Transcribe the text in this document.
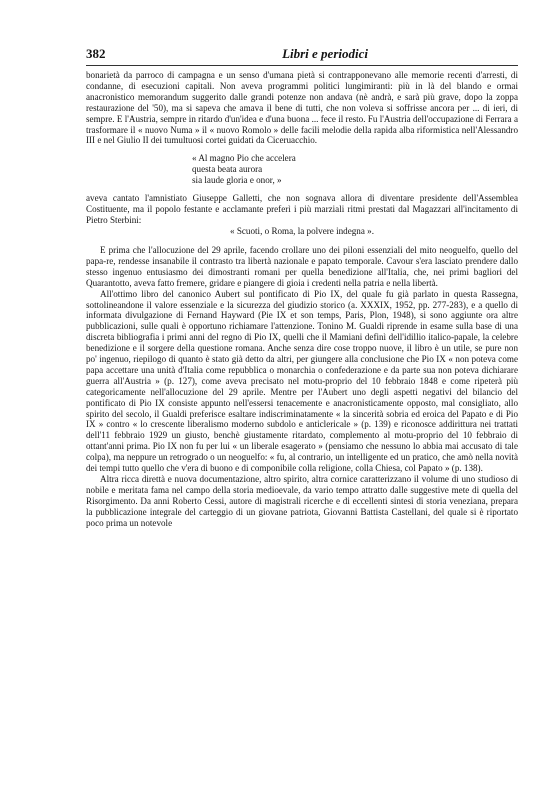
382	Libri e periodici

bonarietà da parroco di campagna e un senso d'umana pietà si contrapponevano alle memorie recenti d'arresti, di condanne, di esecuzioni capitali. Non aveva programmi politici lungimiranti: più in là del blando e ormai anacronistico memorandum suggerito dalle grandi potenze non andava (nè andrà, e sarà più grave, dopo la zoppa restaurazione del '50), ma si sapeva che amava il bene di tutti, che non voleva si soffrisse ancora per ... di ieri, di sempre. E l'Austria, sempre in ritardo d'un'idea e d'una buona ... fece il resto. Fu l'Austria dell'occupazione di Ferrara a trasformare il « nuovo Numa » il « nuovo Romolo » delle facili melodie della rapida alba riformistica nell'Alessandro III e nel Giulio II dei tumultuosi cortei guidati da Ciceruacchio.

« Al magno Pio che accelera
questa beata aurora
sia laude gloria e onor, »

aveva cantato l'amnistiato Giuseppe Galletti, che non sognava allora di diventare presidente dell'Assemblea Costituente, ma il popolo festante e acclamante preferì i più marziali ritmi prestati dal Magazzari all'incitamento di Pietro Sterbini:

« Scuoti, o Roma, la polvere indegna ».

E prima che l'allocuzione del 29 aprile, facendo crollare uno dei piloni essenziali del mito neoguelfo, quello del papa-re, rendesse insanabile il contrasto tra libertà nazionale e papato temporale. Cavour s'era lasciato prendere dallo stesso ingenuo entusiasmo dei dimostranti romani per quella benedizione all'Italia, che, nei primi bagliori del Quarantotto, aveva fatto fremere, gridare e piangere di gioia i credenti nella patria e nella libertà.

All'ottimo libro del canonico Aubert sul pontificato di Pio IX, del quale fu già parlato in questa Rassegna, sottolineandone il valore essenziale e la sicurezza del giudizio storico (a. XXXIX, 1952, pp. 277-283), e a quello di informata divulgazione di Fernand Hayward (Pie IX et son temps, Paris, Plon, 1948), si sono aggiunte ora altre pubblicazioni, sulle quali è opportuno richiamare l'attenzione. Tonino M. Gualdi riprende in esame sulla base di una discreta bibliografia i primi anni del regno di Pio IX, quelli che il Mamiani definì dell'idillio italico-papale, la celebre benedizione e il sorgere della questione romana. Anche senza dire cose troppo nuove, il libro è un utile, se pure non po' ingenuo, riepilogo di quanto è stato già detto da altri, per giungere alla conclusione che Pio IX « non poteva come papa accettare una unità d'Italia come repubblica o monarchia o confederazione e da parte sua non poteva dichiarare guerra all'Austria » (p. 127), come aveva precisato nel motu-proprio del 10 febbraio 1848 e come ripeterà più categoricamente nell'allocuzione del 29 aprile. Mentre per l'Aubert uno degli aspetti negativi del bilancio del pontificato di Pio IX consiste appunto nell'essersi tenacemente e anacronisticamente opposto, mal consigliato, allo spirito del secolo, il Gualdi preferisce esaltare indiscriminatamente « la sincerità sobria ed eroica del Papato e di Pio IX » contro « lo crescente liberalismo moderno subdolo e anticlericale » (p. 139) e riconosce addirittura nei trattati dell'11 febbraio 1929 un giusto, benchè giustamente ritardato, complemento al motu-proprio del 10 febbraio di ottant'anni prima. Pio IX non fu per lui « un liberale esagerato » (pensiamo che nessuno lo abbia mai accusato di tale colpa), ma neppure un retrogrado o un neoguelfo: « fu, al contrario, un intelligente ed un pratico, che amò nella novità dei tempi tutto quello che v'era di buono e di componibile colla religione, colla Chiesa, col Papato » (p. 138).

Altra ricca direttà e nuova documentazione, altro spirito, altra cornice caratterizzano il volume di uno studioso di nobile e meritata fama nel campo della storia medioevale, da vario tempo attratto dalle suggestive mete di quella del Risorgimento. Da anni Roberto Cessi, autore di magistrali ricerche e di eccellenti sintesi di storia veneziana, prepara la pubblicazione integrale del carteggio di un giovane patriota, Giovanni Battista Castellani, del quale si è riportato poco prima un notevole
